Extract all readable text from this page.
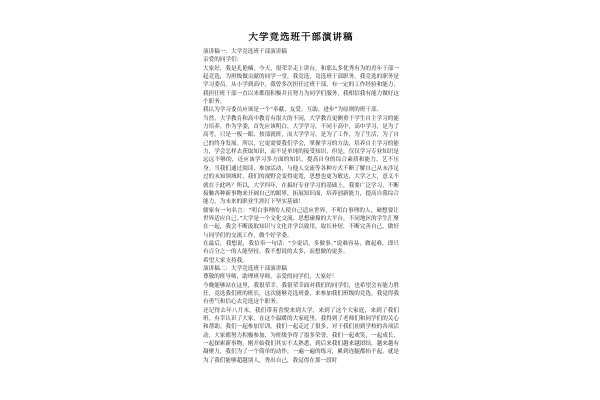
大学竞选班干部演讲稿

演讲稿一：大学竞选班干部演讲稿

亲爱的同学们：

大家好，我是孔艳楠，今天，很荣幸走上讲台，和那么多优秀有为的青年干部一起竞选，为班级做贡献的同学一堂，我竞选，竟选班干部职务。我竞选的职务是学习委员。从小学到高中，我曾多次担任过班干部，有一定的工作经验和能力，我担任班干部一直以来都很积极并且努力为同学们服务，我相信我有能力做好这个职务。

我认为学习委员应该是一个“奉献、友爱、互助、进步”为原则的班干部。

当然，大学教育和高中教育有很大的不同，大学教育更侧重于学生自主学习的能力培养。作为学委，首先应该明白，大学学习，不同于高中，高中学习，是为了高考，只是一板一眼、按部就班，而大学学习，是为了工作，为了生活，为了自己的终身发展。所以，它更需要我们学会，掌握学习的方法，培养自主学习的能力，学会怎样去获取知识，而不是单纯的接受知识，但是，仅仅学习专业知识是远远不够的，还应该学习多方面的知识，提高自身的综合素质和能力，艺不压身。当我们通过阅读、参加活动、与他人交流等各种方式不断了解自己从未涉足过的未知领域时，我们的视野会变得更宽，思想也更为敏达，大学之大，意义不就在于此吗？所以，大学四年，在搞好专业学习的基础上，我要广泛学习，不断接触各种新事物来开阔自己的眼界，拓展知识面，培养创新能力，提高自我综合能力，为未来的职业生涯打下坚实基础！

儒家有一句名言：“明白事理的人使自己适应世界，不明白事理的人，硬想要让世界适应自己。”大学是一个文化交流、思想碰撞的大平台，不同地区的学生汇聚在一起，我会不断汲取知识与文化并学以致用，取长补短，不断完善自己，做好与同学们的交流工作，做个好学委。

在最后，我想说，我信奉一句话：“少说话，多做事。”说难容易，做起难，即只有百分之一的人能坚持，我不想说的太多，而想做的更多。

希望大家支持我。

演讲稿二：大学竞选班干部演讲稿

尊敬的班导师，助理班导师，亲爱的同学们，大家好！

今晚能够站在这里，我很荣幸。我很荣幸面对我们的同学们，也希望会有能力胜任，竟选我们班的班长，这次能够竞选班委，来参加我们班级的竞选，我觉得我有勇气和信心去竞选这个职务。

还记得去年八月末，我们带着喜悦来到大学，来到了这个大家庭，来到了我们班。有幸认识了大家，在这个温暖的大家庭里，我得到了老师们和同学们的关心和帮助。我们一起参加军训，我们一起走过了很多，对于我们初到学校的各项活动，大家都努力积极参加，为班级争得了很多荣誉。我们一起欢笑，一起成长，一起探索新事物。刚开始我们其实不太熟悉，到后来我们越来越团结，越来越有凝聚力，我们为了一个简单的动作，一遍一遍的练习，累到连腿都抬不起。就是为了我们能够超越别人，秀出自己，我觉得在那一段时
